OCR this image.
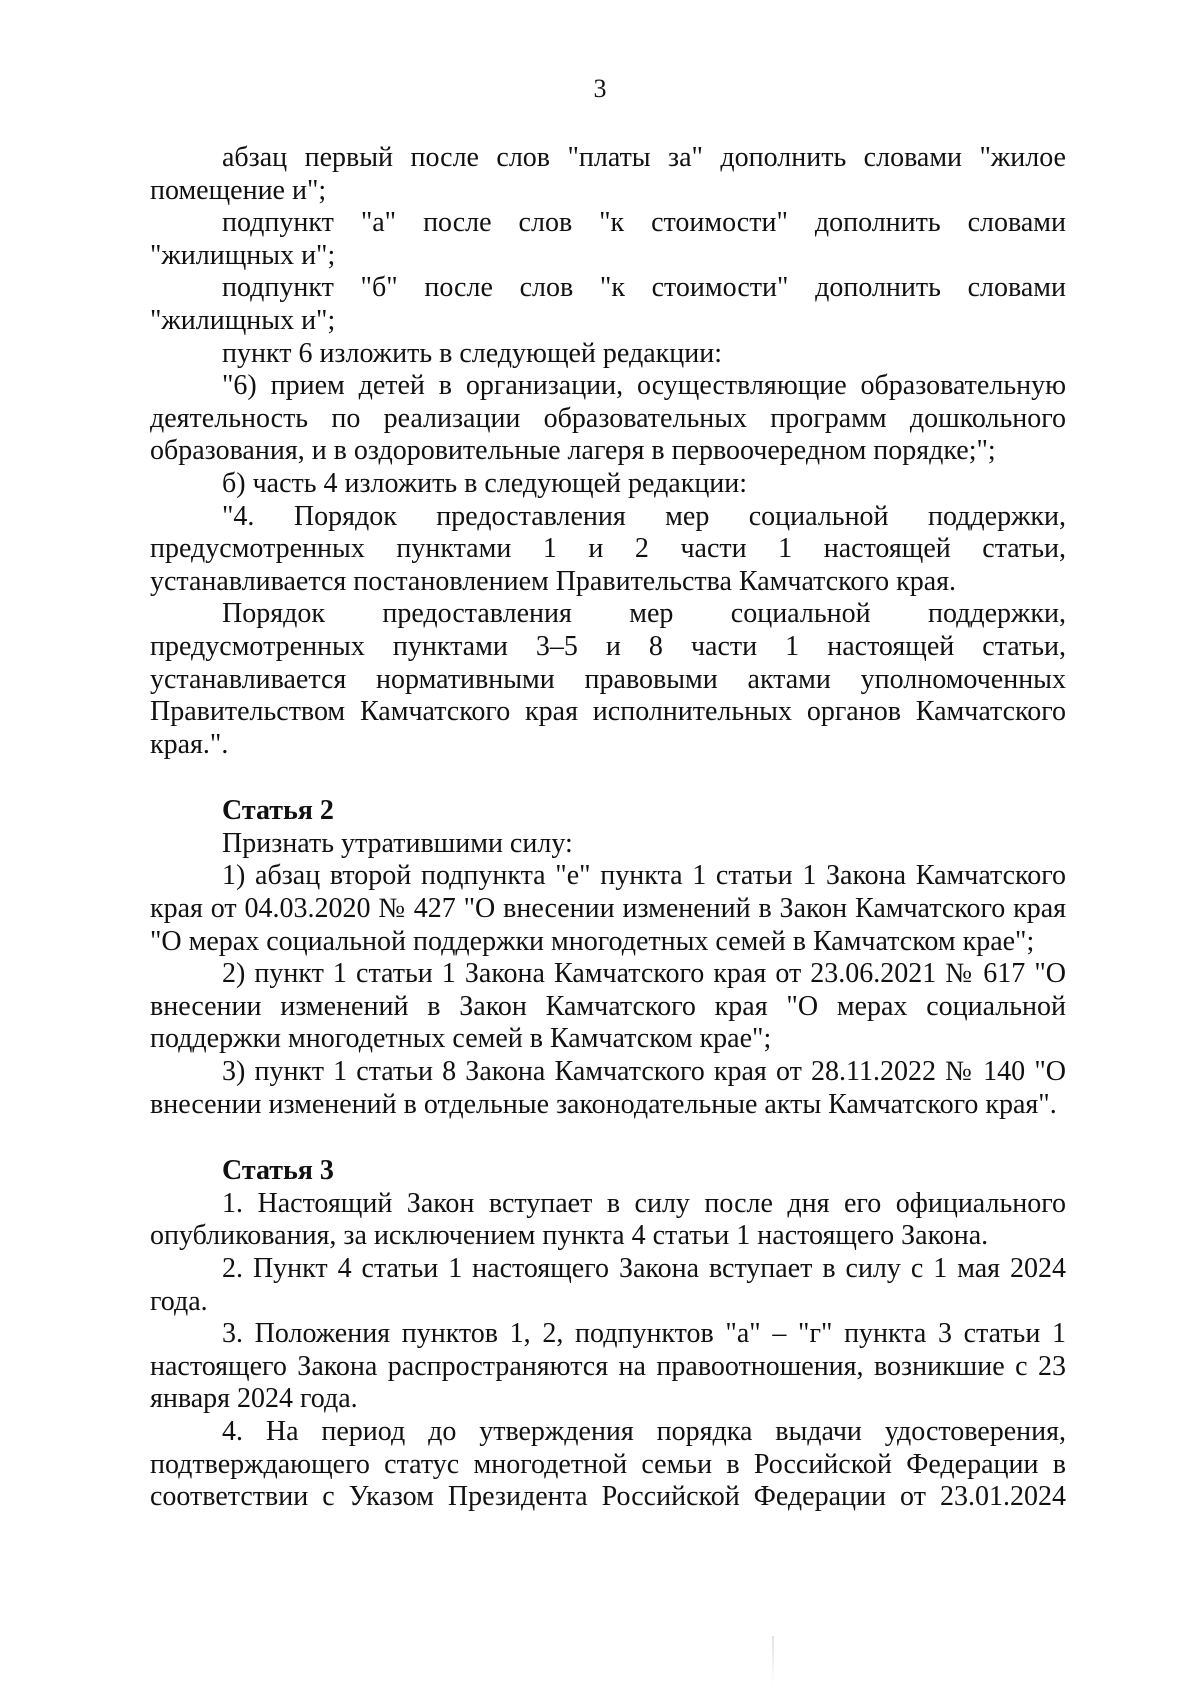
3

абзац первый после слов "платы за" дополнить словами "жилое помещение и";

подпункт "а" после слов "к стоимости" дополнить словами "жилищных и";

подпункт "б" после слов "к стоимости" дополнить словами "жилищных и";

пункт 6 изложить в следующей редакции:

"6) прием детей в организации, осуществляющие образовательную деятельность по реализации образовательных программ дошкольного образования, и в оздоровительные лагеря в первоочередном порядке;";

б) часть 4 изложить в следующей редакции:

"4. Порядок предоставления мер социальной поддержки, предусмотренных пунктами 1 и 2 части 1 настоящей статьи, устанавливается постановлением Правительства Камчатского края.

Порядок предоставления мер социальной поддержки, предусмотренных пунктами 3–5 и 8 части 1 настоящей статьи, устанавливается нормативными правовыми актами уполномоченных Правительством Камчатского края исполнительных органов Камчатского края.".

Статья 2

Признать утратившими силу:

1) абзац второй подпункта "е" пункта 1 статьи 1 Закона Камчатского края от 04.03.2020 № 427 "О внесении изменений в Закон Камчатского края "О мерах социальной поддержки многодетных семей в Камчатском крае";

2) пункт 1 статьи 1 Закона Камчатского края от 23.06.2021 № 617 "О внесении изменений в Закон Камчатского края "О мерах социальной поддержки многодетных семей в Камчатском крае";

3) пункт 1 статьи 8 Закона Камчатского края от 28.11.2022 № 140 "О внесении изменений в отдельные законодательные акты Камчатского края".

Статья 3

1. Настоящий Закон вступает в силу после дня его официального опубликования, за исключением пункта 4 статьи 1 настоящего Закона.

2. Пункт 4 статьи 1 настоящего Закона вступает в силу с 1 мая 2024 года.

3. Положения пунктов 1, 2, подпунктов "а" – "г" пункта 3 статьи 1 настоящего Закона распространяются на правоотношения, возникшие с 23 января 2024 года.

4. На период до утверждения порядка выдачи удостоверения, подтверждающего статус многодетной семьи в Российской Федерации в соответствии с Указом Президента Российской Федерации от 23.01.2024
